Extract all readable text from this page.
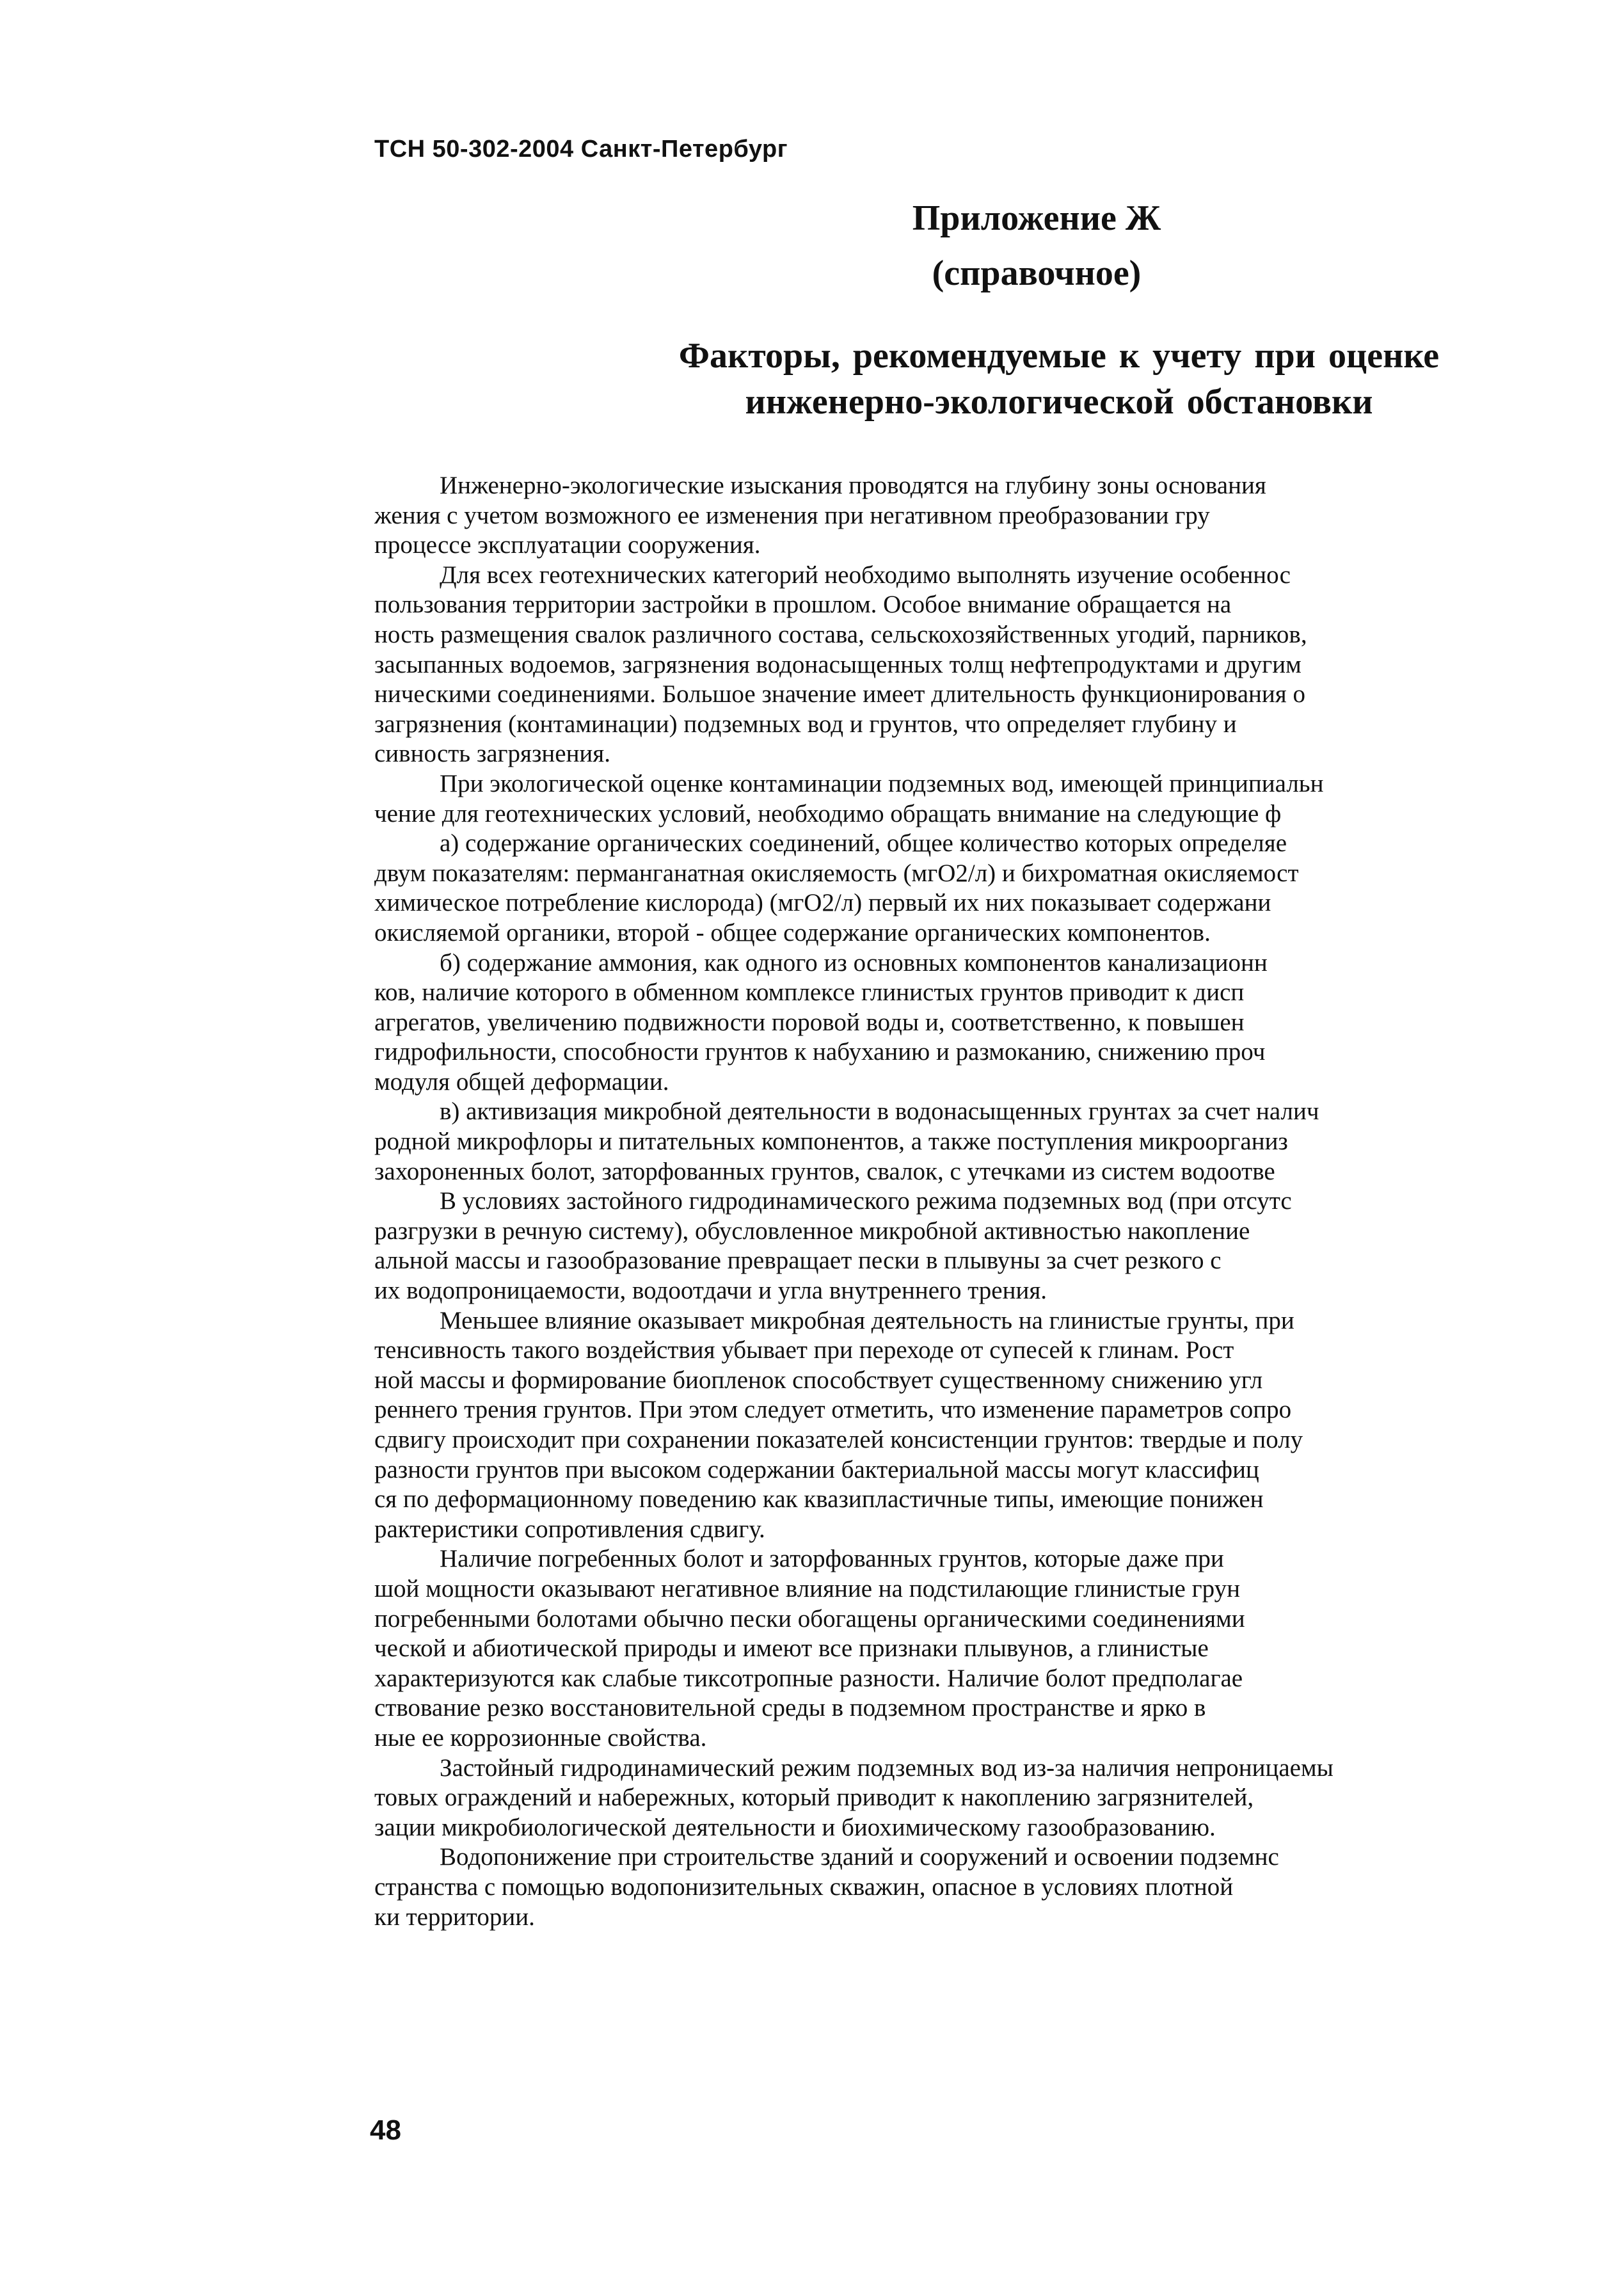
ТСН 50-302-2004 Санкт-Петербург
Приложение Ж
(справочное)
Факторы, рекомендуемые к учету при оценке
инженерно-экологической обстановки
Инженерно-экологические изыскания проводятся на глубину зоны основания
жения с учетом возможного ее изменения при негативном преобразовании гру
процессе эксплуатации сооружения.
Для всех геотехнических категорий необходимо выполнять изучение особеннос
пользования территории застройки в прошлом. Особое внимание обращается на
ность размещения свалок различного состава, сельскохозяйственных угодий, парников,
засыпанных водоемов, загрязнения водонасыщенных толщ нефтепродуктами и другим
ническими соединениями. Большое значение имеет длительность функционирования о
загрязнения (контаминации) подземных вод и грунтов, что определяет глубину и
сивность загрязнения.
При экологической оценке контаминации подземных вод, имеющей принципиальн
чение для геотехнических условий, необходимо обращать внимание на следующие ф
а) содержание органических соединений, общее количество которых определяе
двум показателям: перманганатная окисляемость (мгО2/л) и бихроматная окисляемост
химическое потребление кислорода) (мгО2/л) первый их них показывает содержани
окисляемой органики, второй - общее содержание органических компонентов.
б) содержание аммония, как одного из основных компонентов канализационн
ков, наличие которого в обменном комплексе глинистых грунтов приводит к дисп
агрегатов, увеличению подвижности поровой воды и, соответственно, к повышен
гидрофильности, способности грунтов к набуханию и размоканию, снижению проч
модуля общей деформации.
в) активизация микробной деятельности в водонасыщенных грунтах за счет налич
родной микрофлоры и питательных компонентов, а также поступления микроорганиз
захороненных болот, заторфованных грунтов, свалок, с утечками из систем водоотве
В условиях застойного гидродинамического режима подземных вод (при отсутс
разгрузки в речную систему), обусловленное микробной активностью накопление
альной массы и газообразование превращает пески в плывуны за счет резкого с
их водопроницаемости, водоотдачи и угла внутреннего трения.
Меньшее влияние оказывает микробная деятельность на глинистые грунты, при
тенсивность такого воздействия убывает при переходе от супесей к глинам. Рост
ной массы и формирование биопленок способствует существенному снижению угл
реннего трения грунтов. При этом следует отметить, что изменение параметров сопро
сдвигу происходит при сохранении показателей консистенции грунтов: твердые и полу
разности грунтов при высоком содержании бактериальной массы могут классифиц
ся по деформационному поведению как квазипластичные типы, имеющие понижен
рактеристики сопротивления сдвигу.
Наличие погребенных болот и заторфованных грунтов, которые даже при
шой мощности оказывают негативное влияние на подстилающие глинистые грун
погребенными болотами обычно пески обогащены органическими соединениями
ческой и абиотической природы и имеют все признаки плывунов, а глинистые
характеризуются как слабые тиксотропные разности. Наличие болот предполагае
ствование резко восстановительной среды в подземном пространстве и ярко в
ные ее коррозионные свойства.
Застойный гидродинамический режим подземных вод из-за наличия непроницаемы
товых ограждений и набережных, который приводит к накоплению загрязнителей,
зации микробиологической деятельности и биохимическому газообразованию.
Водопонижение при строительстве зданий и сооружений и освоении подземнс
странства с помощью водопонизительных скважин, опасное в условиях плотной
ки территории.
48
